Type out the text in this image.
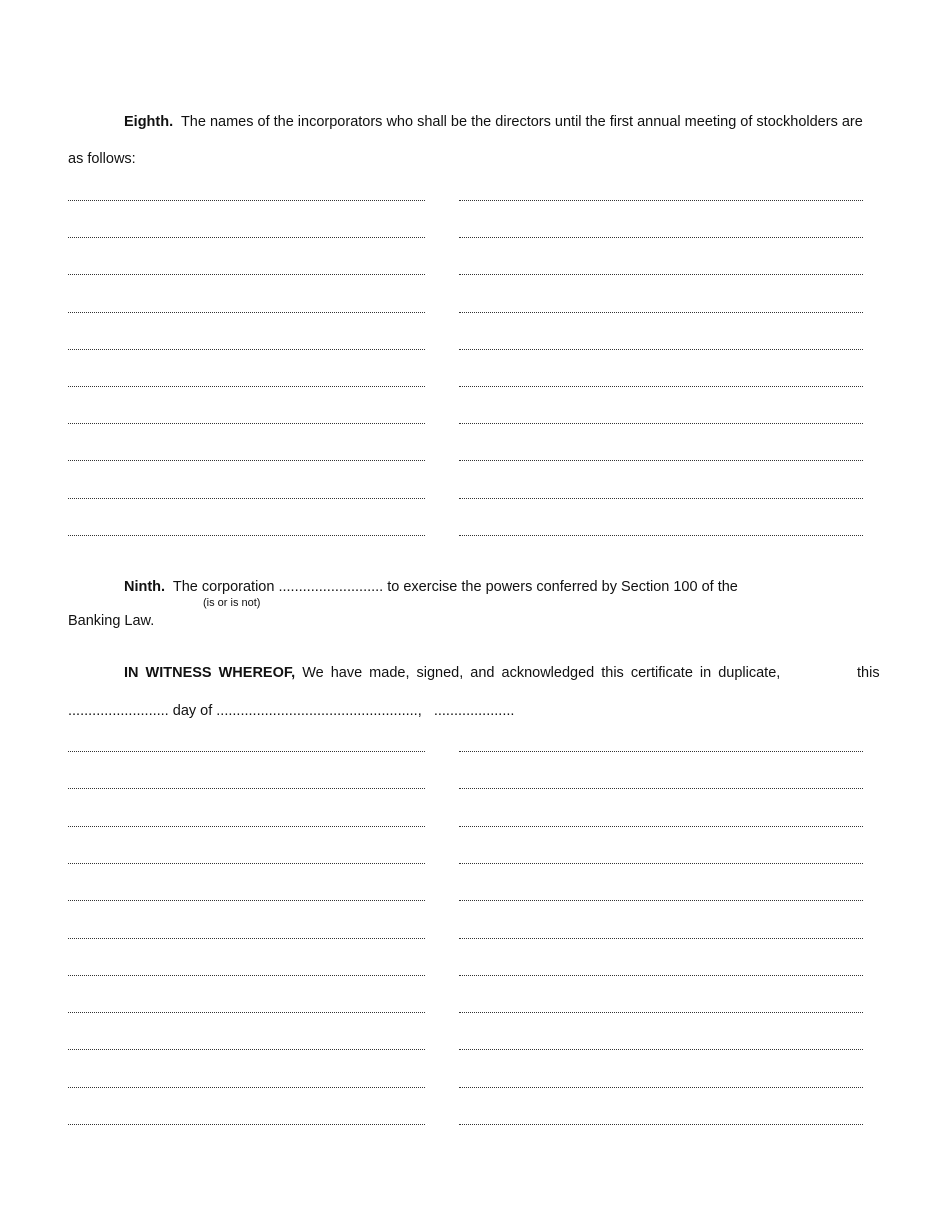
Eighth. The names of the incorporators who shall be the directors until the first annual meeting of stockholders are
as follows:
Ninth. The corporation .......................... to exercise the powers conferred by Section 100 of the
(is or is not)
Banking Law.
IN WITNESS WHEREOF, We have made, signed, and acknowledged this certificate in duplicate,	this
......................... day of .................................................., ....................
